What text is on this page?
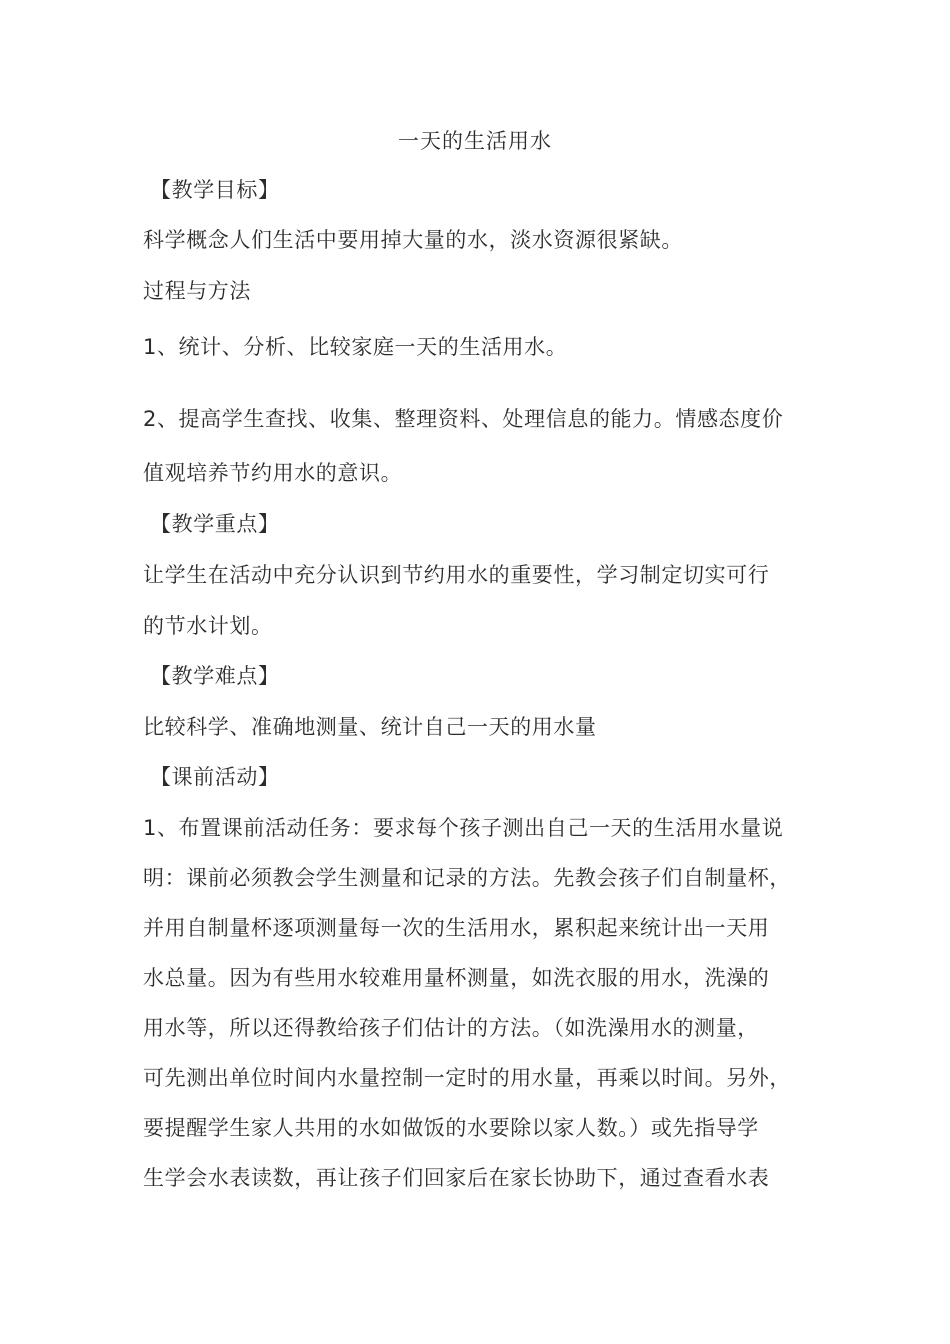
一天的生活用水
【教学目标】
科学概念人们生活中要用掉大量的水，淡水资源很紧缺。
过程与方法
1、统计、分析、比较家庭一天的生活用水。
2、提高学生查找、收集、整理资料、处理信息的能力。情感态度价
值观培养节约用水的意识。
【教学重点】
让学生在活动中充分认识到节约用水的重要性，学习制定切实可行
的节水计划。
【教学难点】
比较科学、准确地测量、统计自己一天的用水量
【课前活动】
1、布置课前活动任务：要求每个孩子测出自己一天的生活用水量说
明：课前必须教会学生测量和记录的方法。先教会孩子们自制量杯，
并用自制量杯逐项测量每一次的生活用水，累积起来统计出一天用
水总量。因为有些用水较难用量杯测量，如洗衣服的用水，洗澡的
用水等，所以还得教给孩子们估计的方法。（如洗澡用水的测量，
可先测出单位时间内水量控制一定时的用水量，再乘以时间。另外，
要提醒学生家人共用的水如做饭的水要除以家人数。）或先指导学
生学会水表读数，再让孩子们回家后在家长协助下，通过查看水表
